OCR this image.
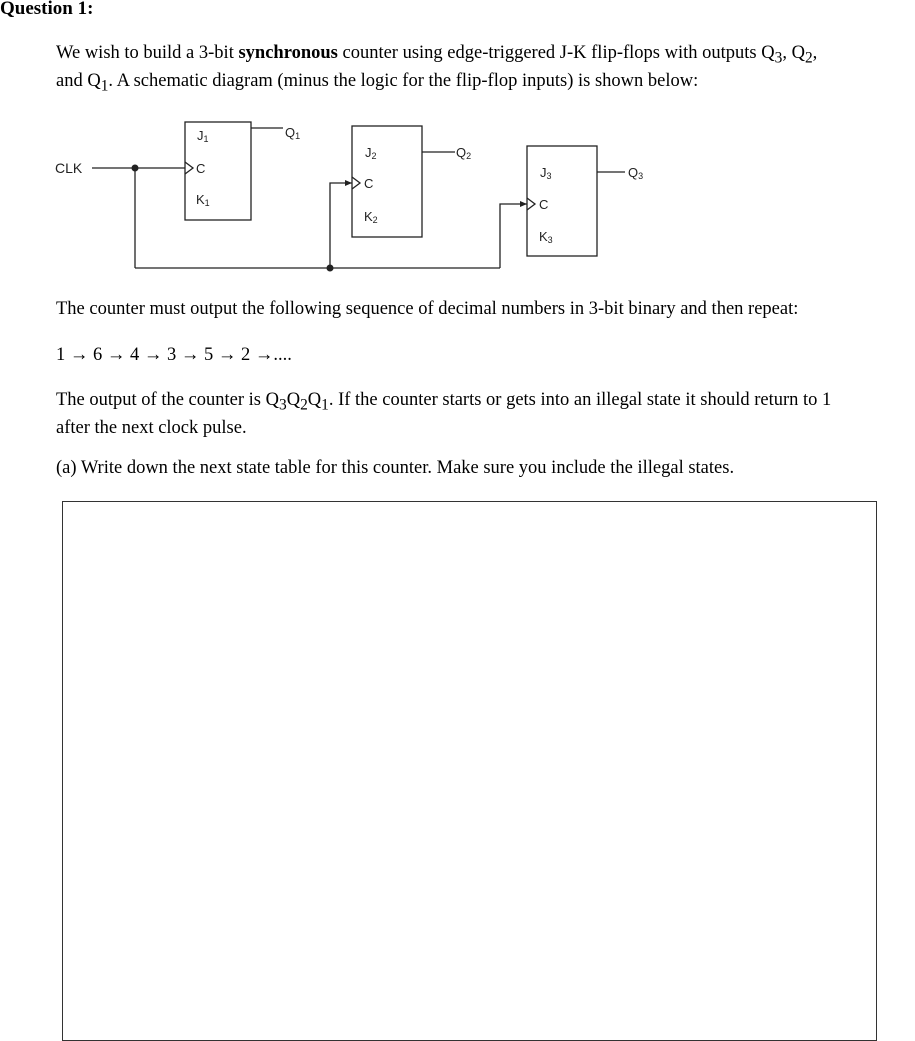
Question 1:

We wish to build a 3-bit synchronous counter using edge-triggered J-K flip-flops with outputs $Q_3$, $Q_2$,
and $Q_1$. A schematic diagram (minus the logic for the flip-flop inputs) is shown below:

CLK
J1
C
K1
Q1
J2
C
K2
Q2
J3
C
K3
Q3

The counter must output the following sequence of decimal numbers in 3-bit binary and then repeat:

1 → 6 → 4 → 3 → 5 → 2 →....

The output of the counter is $Q_3Q_2Q_1$. If the counter starts or gets into an illegal state it should return to 1
after the next clock pulse.

(a) Write down the next state table for this counter. Make sure you include the illegal states.
